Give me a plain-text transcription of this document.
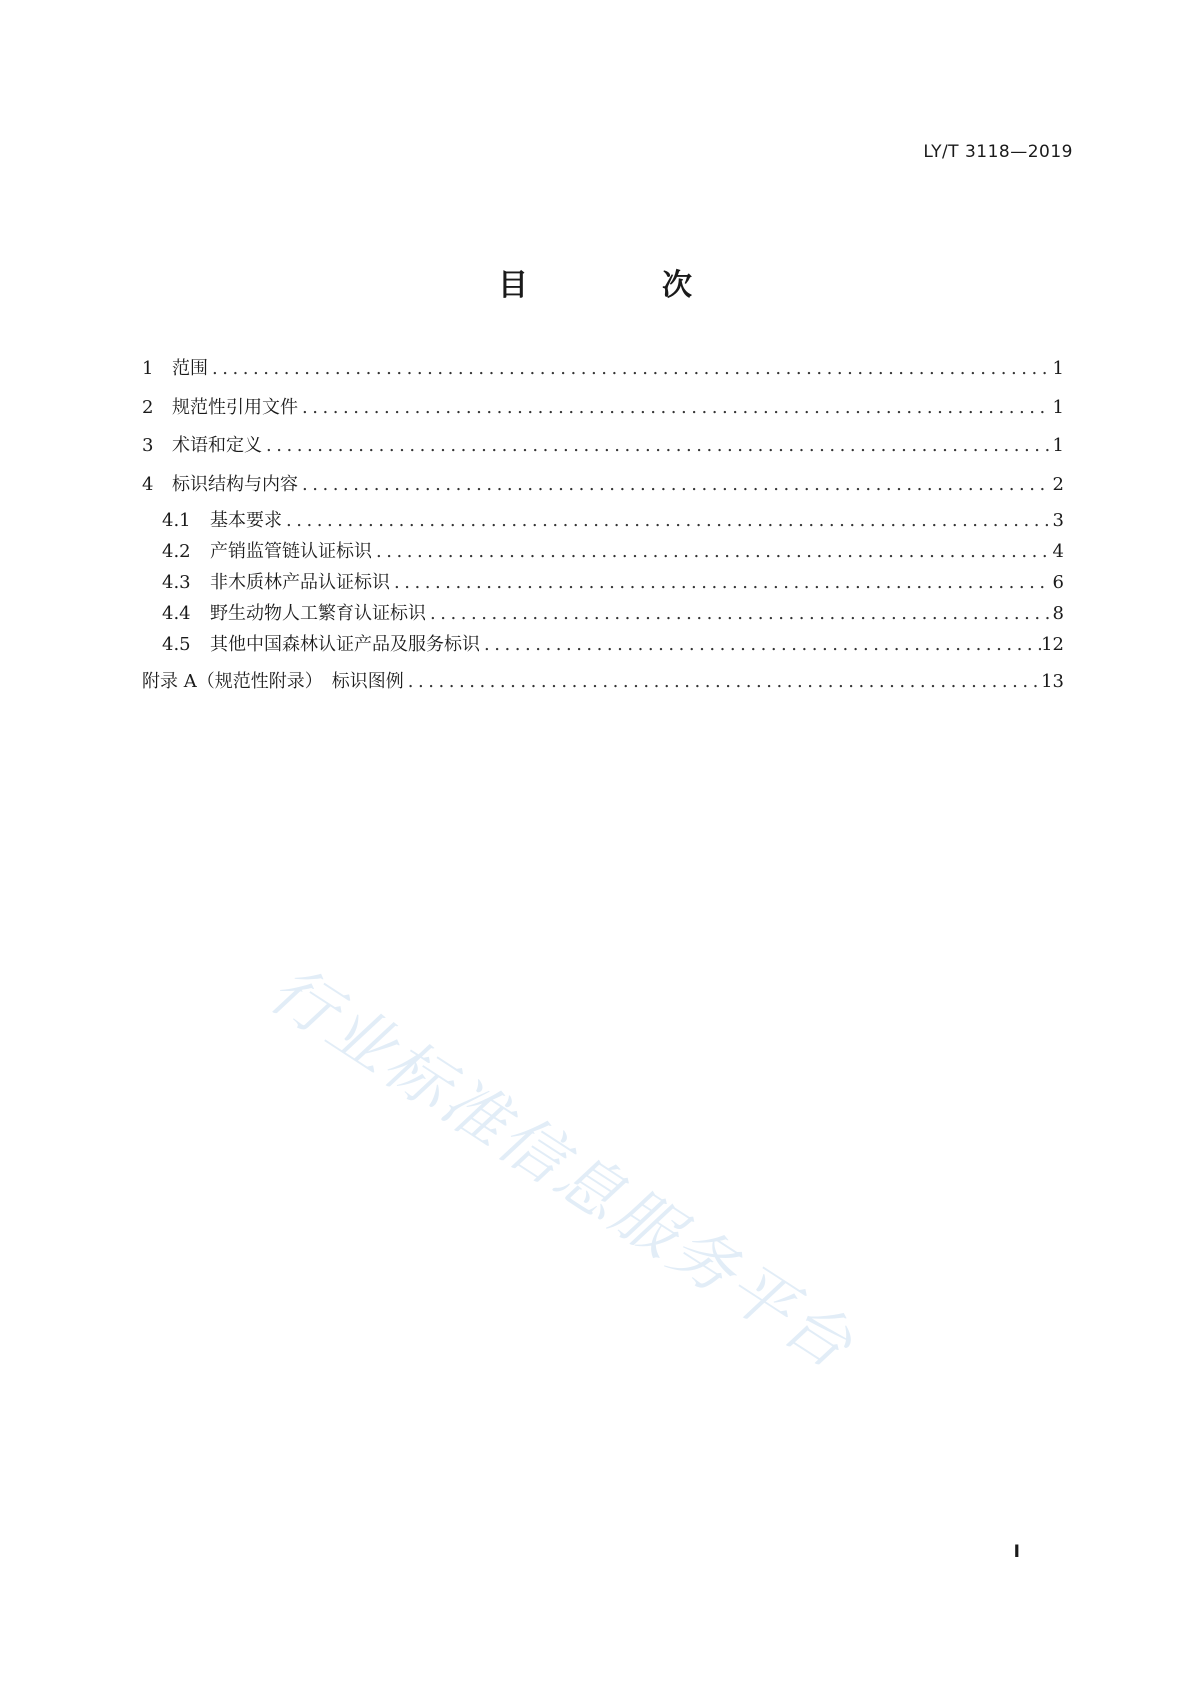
LY/T 3118—2019
目　次
1	范围 . . .	1
2	规范性引用文件 . . .	1
3	术语和定义 . . .	1
4	标识结构与内容 . . .	2
4.1	基本要求 . . .	3
4.2	产销监管链认证标识 . . .	4
4.3	非木质林产品认证标识 . . .	6
4.4	野生动物人工繁育认证标识 . . .	8
4.5	其他中国森林认证产品及服务标识 . . .	12
附录 A（规范性附录）　标识图例 . . .	13
行业标准信息服务平台
I
